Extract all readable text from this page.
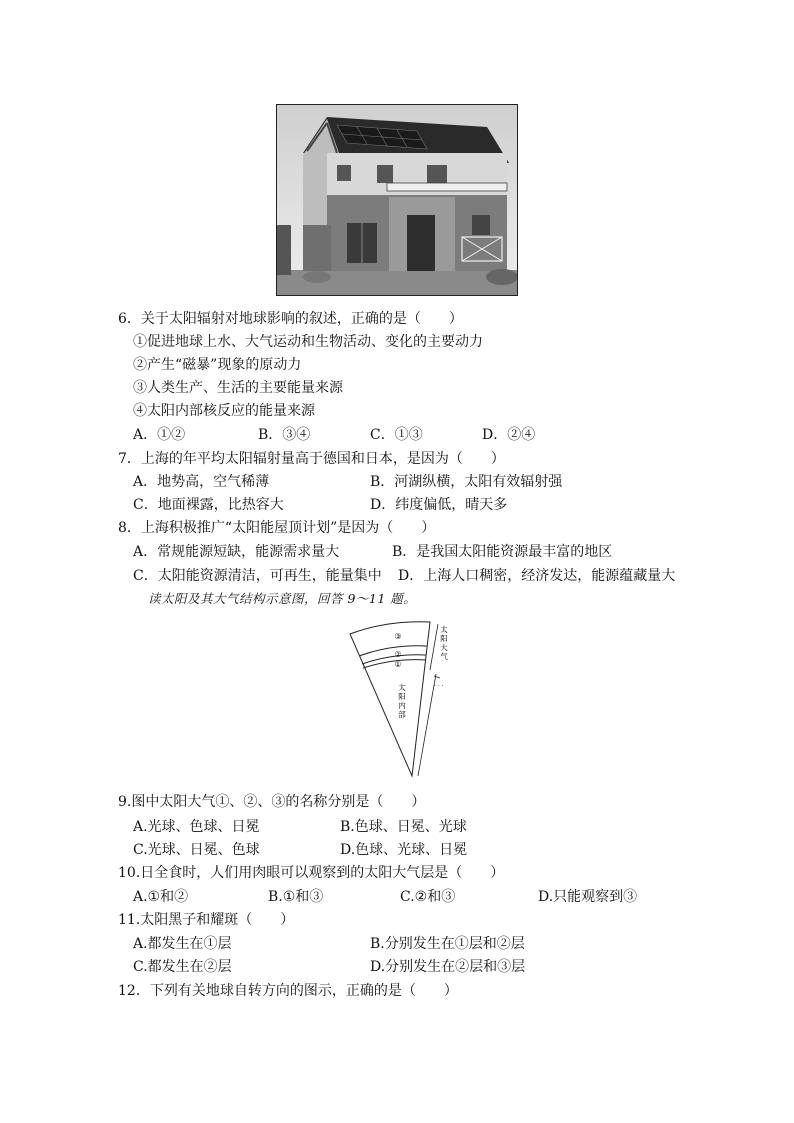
6．关于太阳辐射对地球影响的叙述，正确的是（　　）
①促进地球上水、大气运动和生物活动、变化的主要动力
②产生“磁暴”现象的原动力
③人类生产、生活的主要能量来源
④太阳内部核反应的能量来源
A．①②	B．③④	C．①③	D．②④
7．上海的年平均太阳辐射量高于德国和日本，是因为（　　）
A．地势高，空气稀薄	B．河湖纵横，太阳有效辐射强
C．地面裸露，比热容大	D．纬度偏低，晴天多
8．上海积极推广“太阳能屋顶计划”是因为（　　）
A．常规能源短缺，能源需求量大	B．是我国太阳能资源最丰富的地区
C．太阳能资源清洁，可再生，能量集中 D．上海人口稠密，经济发达，能源蕴藏量大
读太阳及其大气结构示意图，回答 9～11 题。
③
②
①
· · ·
太
阳
大
气
太
阳
内
部
9.图中太阳大气①、②、③的名称分别是（　　）
A.光球、色球、日冕	B.色球、日冕、光球
C.光球、日冕、色球	D.色球、光球、日冕
10.日全食时，人们用肉眼可以观察到的太阳大气层是（　　）
A.①和②	B.①和③	C.②和③	D.只能观察到③
11.太阳黑子和耀斑（　　）
A.都发生在①层	B.分别发生在①层和②层
C.都发生在②层	D.分别发生在②层和③层
12．下列有关地球自转方向的图示，正确的是（　　）
